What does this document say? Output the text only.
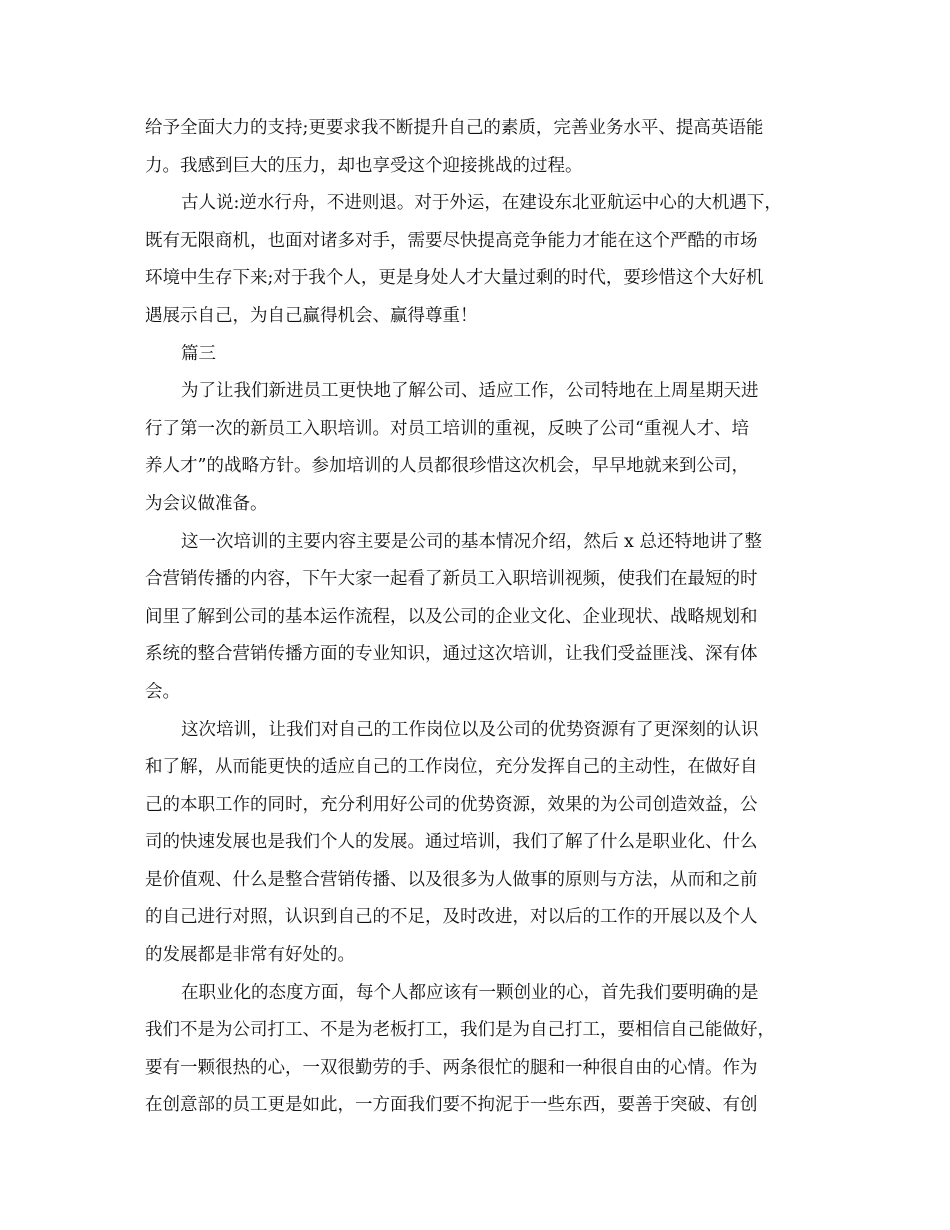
给予全面大力的支持;更要求我不断提升自己的素质，完善业务水平、提高英语能
力。我感到巨大的压力，却也享受这个迎接挑战的过程。
古人说:逆水行舟，不进则退。对于外运，在建设东北亚航运中心的大机遇下，
既有无限商机，也面对诸多对手，需要尽快提高竞争能力才能在这个严酷的市场
环境中生存下来;对于我个人，更是身处人才大量过剩的时代，要珍惜这个大好机
遇展示自己，为自己赢得机会、赢得尊重！
篇三
为了让我们新进员工更快地了解公司、适应工作，公司特地在上周星期天进
行了第一次的新员工入职培训。对员工培训的重视，反映了公司“重视人才、培
养人才”的战略方针。参加培训的人员都很珍惜这次机会，早早地就来到公司，
为会议做准备。
这一次培训的主要内容主要是公司的基本情况介绍，然后 x 总还特地讲了整
合营销传播的内容，下午大家一起看了新员工入职培训视频，使我们在最短的时
间里了解到公司的基本运作流程，以及公司的企业文化、企业现状、战略规划和
系统的整合营销传播方面的专业知识，通过这次培训，让我们受益匪浅、深有体
会。
这次培训，让我们对自己的工作岗位以及公司的优势资源有了更深刻的认识
和了解，从而能更快的适应自己的工作岗位，充分发挥自己的主动性，在做好自
己的本职工作的同时，充分利用好公司的优势资源，效果的为公司创造效益，公
司的快速发展也是我们个人的发展。通过培训，我们了解了什么是职业化、什么
是价值观、什么是整合营销传播、以及很多为人做事的原则与方法，从而和之前
的自己进行对照，认识到自己的不足，及时改进，对以后的工作的开展以及个人
的发展都是非常有好处的。
在职业化的态度方面，每个人都应该有一颗创业的心，首先我们要明确的是
我们不是为公司打工、不是为老板打工，我们是为自己打工，要相信自己能做好，
要有一颗很热的心，一双很勤劳的手、两条很忙的腿和一种很自由的心情。作为
在创意部的员工更是如此，一方面我们要不拘泥于一些东西，要善于突破、有创
